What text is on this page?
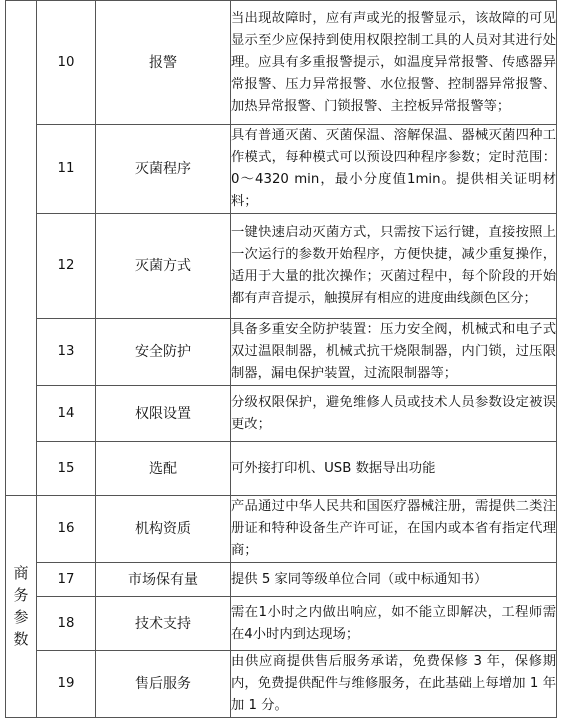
	10	报警	当出现故障时，应有声或光的报警显示，该故障的可见显示至少应保持到使用权限控制工具的人员对其进行处理。应具有多重报警提示，如温度异常报警、传感器异常报警、压力异常报警、水位报警、控制器异常报警、加热异常报警、门锁报警、主控板异常报警等；
	11	灭菌程序	具有普通灭菌、灭菌保温、溶解保温、器械灭菌四种工作模式，每种模式可以预设四种程序参数；定时范围：0～4320 min，最小分度值1min。提供相关证明材料；
	12	灭菌方式	一键快速启动灭菌方式，只需按下运行键，直接按照上一次运行的参数开始程序，方便快捷，减少重复操作，适用于大量的批次操作；灭菌过程中，每个阶段的开始都有声音提示，触摸屏有相应的进度曲线颜色区分；
	13	安全防护	具备多重安全防护装置：压力安全阀，机械式和电子式双过温限制器，机械式抗干烧限制器，内门锁，过压限制器，漏电保护装置，过流限制器等；
	14	权限设置	分级权限保护，避免维修人员或技术人员参数设定被误更改；
	15	选配	可外接打印机、USB 数据导出功能
商务参数	16	机构资质	产品通过中华人民共和国医疗器械注册，需提供二类注册证和特种设备生产许可证，在国内或本省有指定代理商；
	17	市场保有量	提供 5 家同等级单位合同（或中标通知书）
	18	技术支持	需在1小时之内做出响应，如不能立即解决，工程师需在4小时内到达现场；
	19	售后服务	由供应商提供售后服务承诺，免费保修 3 年，保修期内，免费提供配件与维修服务，在此基础上每增加 1 年加 1 分。
